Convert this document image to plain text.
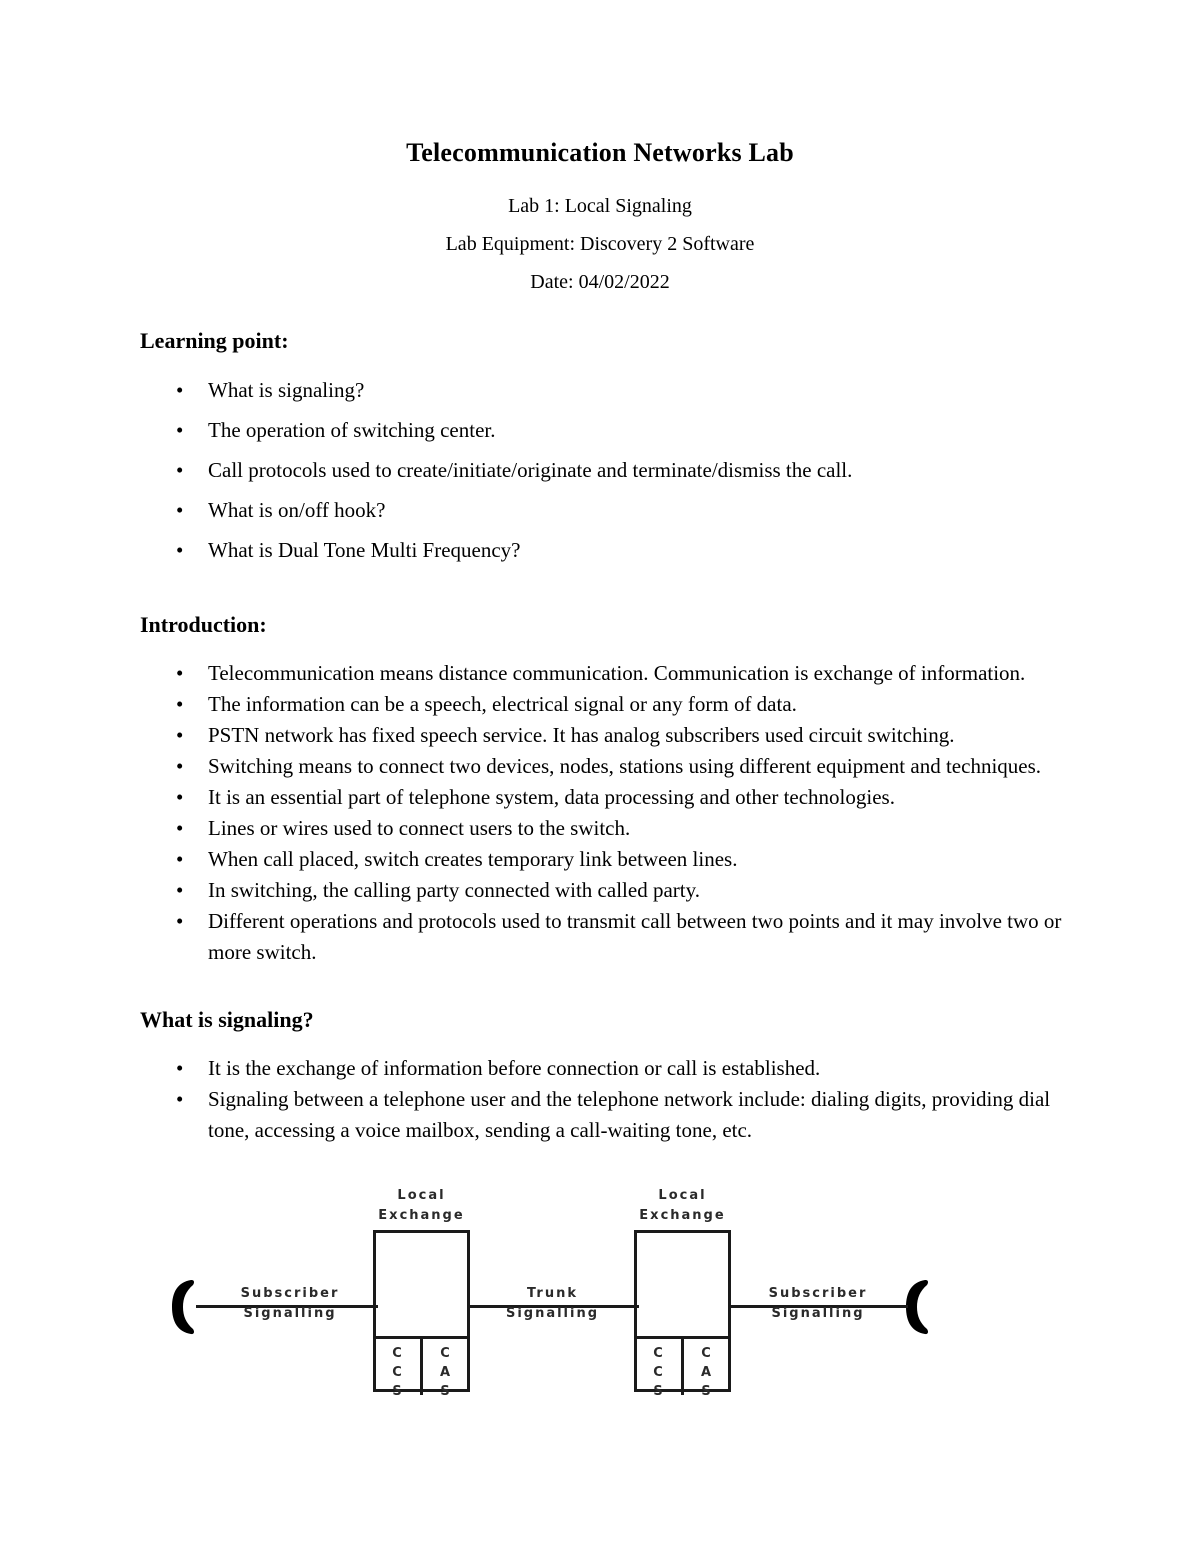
Telecommunication Networks Lab
Lab 1: Local Signaling
Lab Equipment: Discovery 2 Software
Date: 04/02/2022
Learning point:
• What is signaling?
• The operation of switching center.
• Call protocols used to create/initiate/originate and terminate/dismiss the call.
• What is on/off hook?
• What is Dual Tone Multi Frequency?
Introduction:
• Telecommunication means distance communication. Communication is exchange of information.
• The information can be a speech, electrical signal or any form of data.
• PSTN network has fixed speech service. It has analog subscribers used circuit switching.
• Switching means to connect two devices, nodes, stations using different equipment and techniques.
• It is an essential part of telephone system, data processing and other technologies.
• Lines or wires used to connect users to the switch.
• When call placed, switch creates temporary link between lines.
• In switching, the calling party connected with called party.
• Different operations and protocols used to transmit call between two points and it may involve two or more switch.
What is signaling?
• It is the exchange of information before connection or call is established.
• Signaling between a telephone user and the telephone network include: dialing digits, providing dial tone, accessing a voice mailbox, sending a call-waiting tone, etc.
Local
Exchange
Local
Exchange
Subscriber
Signalling
Trunk
Signalling
Subscriber
Signalling
C
C
S
C
A
S
C
C
S
C
A
S
